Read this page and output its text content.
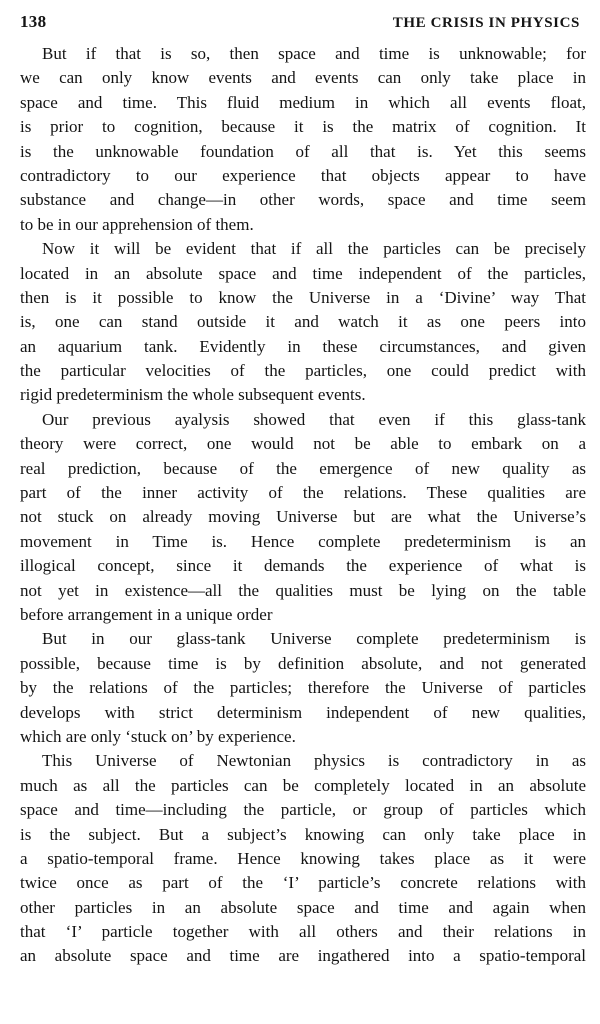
138	THE CRISIS IN PHYSICS
But if that is so, then space and time is unknowable; for
we can only know events and events can only take place in
space and time. This fluid medium in which all events float,
is prior to cognition, because it is the matrix of cognition. It
is the unknowable foundation of all that is. Yet this seems
contradictory to our experience that objects appear to have
substance and change—in other words, space and time seem
to be in our apprehension of them.
Now it will be evident that if all the particles can be precisely
located in an absolute space and time independent of the particles,
then is it possible to know the Universe in a ‘Divine’ way That
is, one can stand outside it and watch it as one peers into
an aquarium tank. Evidently in these circumstances, and given
the particular velocities of the particles, one could predict with
rigid predeterminism the whole subsequent events.
Our previous ayalysis showed that even if this glass-tank
theory were correct, one would not be able to embark on a
real prediction, because of the emergence of new quality as
part of the inner activity of the relations. These qualities are
not stuck on already moving Universe but are what the Universe’s
movement in Time is. Hence complete predeterminism is an
illogical concept, since it demands the experience of what is
not yet in existence—all the qualities must be lying on the table
before arrangement in a unique order
But in our glass-tank Universe complete predeterminism is
possible, because time is by definition absolute, and not generated
by the relations of the particles; therefore the Universe of particles
develops with strict determinism independent of new qualities,
which are only ‘stuck on’ by experience.
This Universe of Newtonian physics is contradictory in as
much as all the particles can be completely located in an absolute
space and time—including the particle, or group of particles which
is the subject. But a subject’s knowing can only take place in
a spatio-temporal frame. Hence knowing takes place as it were
twice once as part of the ‘I’ particle’s concrete relations with
other particles in an absolute space and time and again when
that ‘I’ particle together with all others and their relations in
an absolute space and time are ingathered into a spatio-temporal
